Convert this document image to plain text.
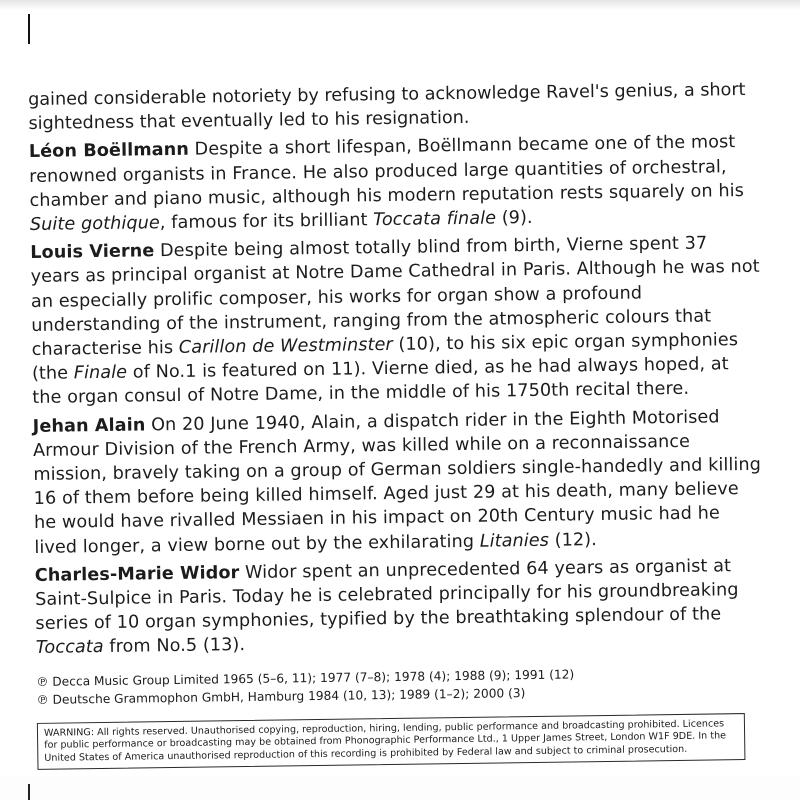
gained considerable notoriety by refusing to acknowledge Ravel's genius, a short sightedness that eventually led to his resignation.

Léon Boëllmann Despite a short lifespan, Boëllmann became one of the most renowned organists in France. He also produced large quantities of orchestral, chamber and piano music, although his modern reputation rests squarely on his Suite gothique, famous for its brilliant Toccata finale (9).

Louis Vierne Despite being almost totally blind from birth, Vierne spent 37 years as principal organist at Notre Dame Cathedral in Paris. Although he was not an especially prolific composer, his works for organ show a profound understanding of the instrument, ranging from the atmospheric colours that characterise his Carillon de Westminster (10), to his six epic organ symphonies (the Finale of No.1 is featured on 11). Vierne died, as he had always hoped, at the organ consul of Notre Dame, in the middle of his 1750th recital there.

Jehan Alain On 20 June 1940, Alain, a dispatch rider in the Eighth Motorised Armour Division of the French Army, was killed while on a reconnaissance mission, bravely taking on a group of German soldiers single-handedly and killing 16 of them before being killed himself. Aged just 29 at his death, many believe he would have rivalled Messiaen in his impact on 20th Century music had he lived longer, a view borne out by the exhilarating Litanies (12).

Charles-Marie Widor Widor spent an unprecedented 64 years as organist at Saint-Sulpice in Paris. Today he is celebrated principally for his groundbreaking series of 10 organ symphonies, typified by the breathtaking splendour of the Toccata from No.5 (13).

℗ Decca Music Group Limited 1965 (5–6, 11); 1977 (7–8); 1978 (4); 1988 (9); 1991 (12)
℗ Deutsche Grammophon GmbH, Hamburg 1984 (10, 13); 1989 (1–2); 2000 (3)
WARNING: All rights reserved. Unauthorised copying, reproduction, hiring, lending, public performance and broadcasting prohibited. Licences for public performance or broadcasting may be obtained from Phonographic Performance Ltd., 1 Upper James Street, London W1F 9DE. In the United States of America unauthorised reproduction of this recording is prohibited by Federal law and subject to criminal prosecution.
